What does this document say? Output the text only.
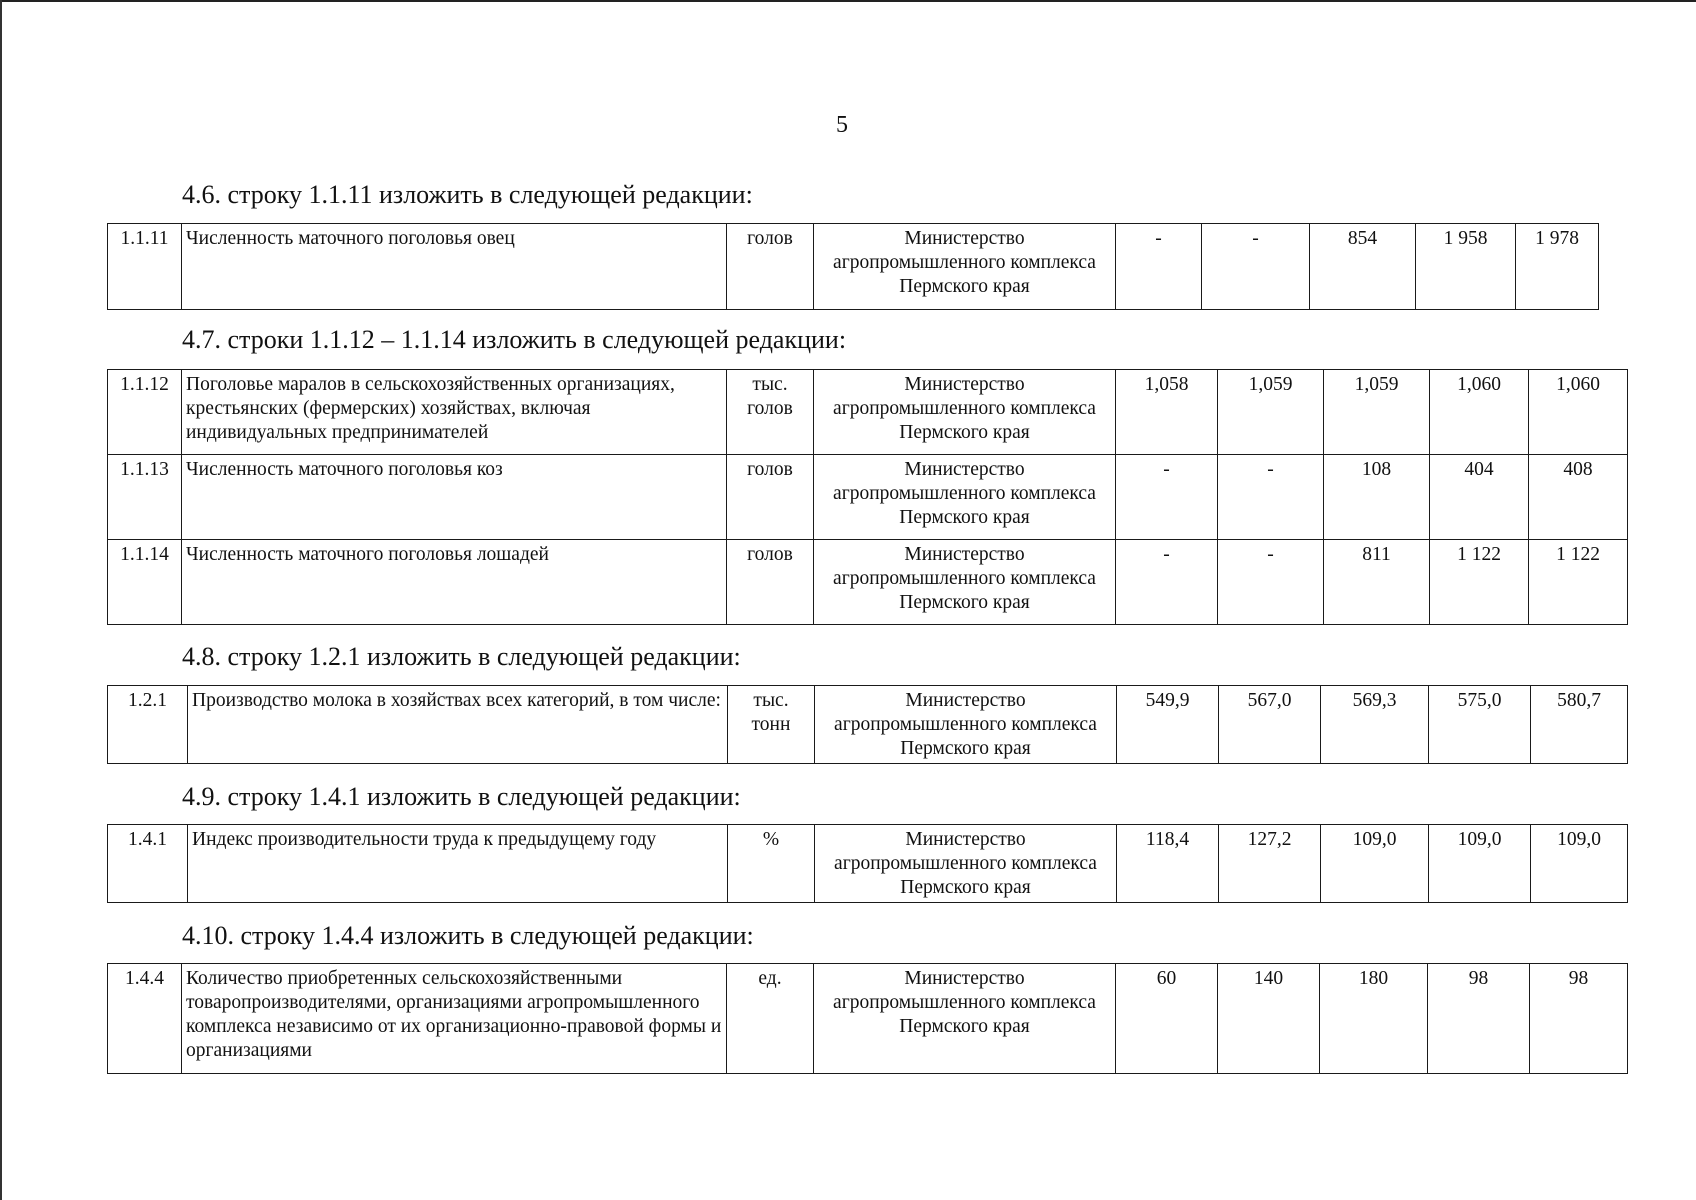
5
4.6. строку 1.1.11 изложить в следующей редакции:
1.1.11	Численность маточного поголовья овец	голов	Министерство агропромышленного комплекса Пермского края	-	-	854	1 958	1 978
4.7. строки 1.1.12 – 1.1.14 изложить в следующей редакции:
1.1.12	Поголовье маралов в сельскохозяйственных организациях, крестьянских (фермерских) хозяйствах, включая индивидуальных предпринимателей	тыс. голов	Министерство агропромышленного комплекса Пермского края	1,058	1,059	1,059	1,060	1,060
1.1.13	Численность маточного поголовья коз	голов	Министерство агропромышленного комплекса Пермского края	-	-	108	404	408
1.1.14	Численность маточного поголовья лошадей	голов	Министерство агропромышленного комплекса Пермского края	-	-	811	1 122	1 122
4.8. строку 1.2.1 изложить в следующей редакции:
1.2.1	Производство молока в хозяйствах всех категорий, в том числе:	тыс. тонн	Министерство агропромышленного комплекса Пермского края	549,9	567,0	569,3	575,0	580,7
4.9. строку 1.4.1 изложить в следующей редакции:
1.4.1	Индекс производительности труда к предыдущему году	%	Министерство агропромышленного комплекса Пермского края	118,4	127,2	109,0	109,0	109,0
4.10. строку 1.4.4 изложить в следующей редакции:
1.4.4	Количество приобретенных сельскохозяйственными товаропроизводителями, организациями агропромышленного комплекса независимо от их организационно-правовой формы и организациями	ед.	Министерство агропромышленного комплекса Пермского края	60	140	180	98	98
